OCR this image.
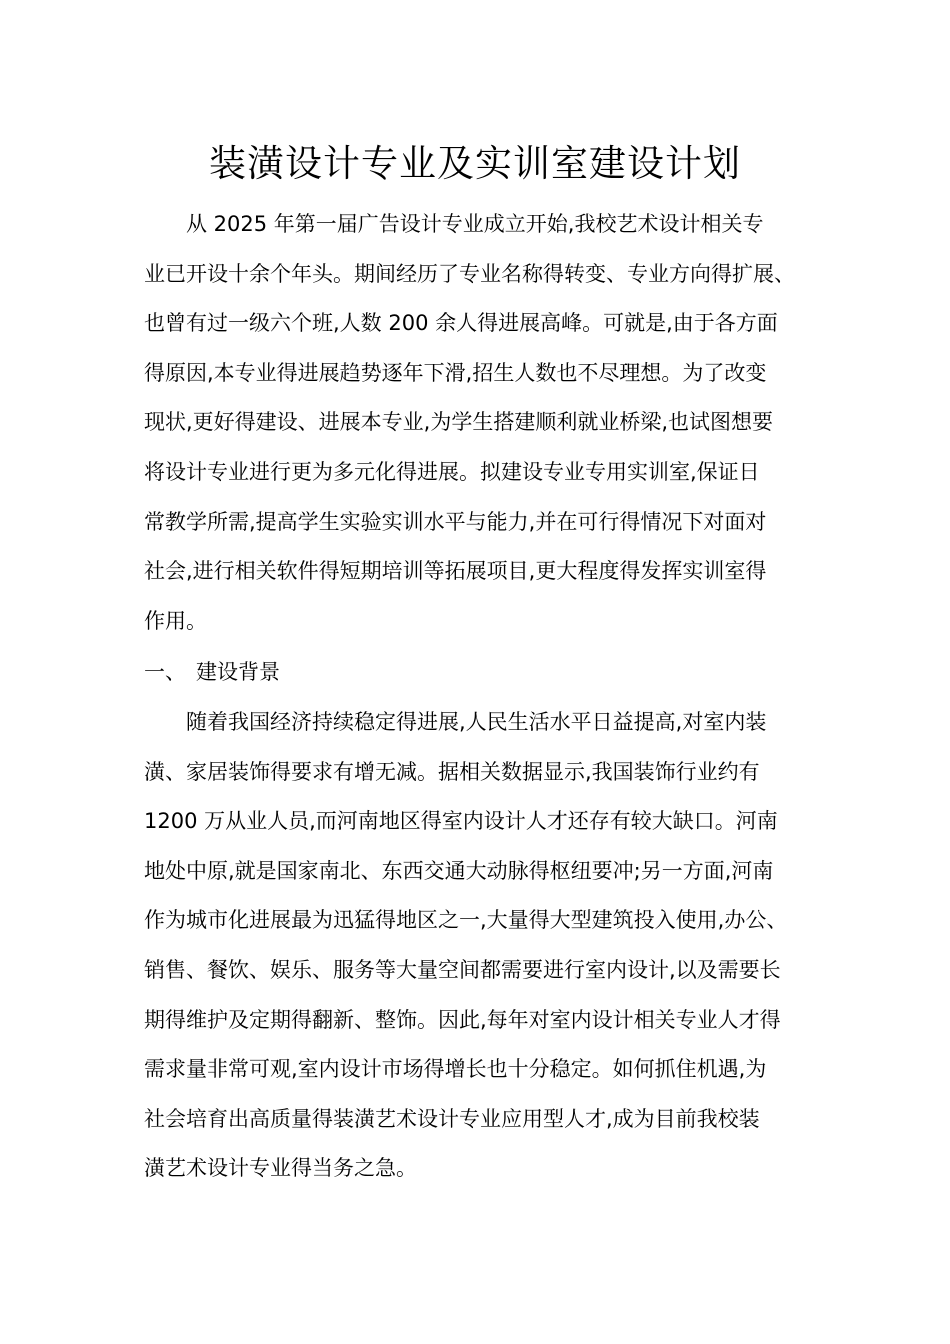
装潢设计专业及实训室建设计划
从 2025 年第一届广告设计专业成立开始,我校艺术设计相关专
业已开设十余个年头。期间经历了专业名称得转变、专业方向得扩展、
也曾有过一级六个班,人数 200 余人得进展高峰。可就是,由于各方面
得原因,本专业得进展趋势逐年下滑,招生人数也不尽理想。为了改变
现状,更好得建设、进展本专业,为学生搭建顺利就业桥梁,也试图想要
将设计专业进行更为多元化得进展。拟建设专业专用实训室,保证日
常教学所需,提高学生实验实训水平与能力,并在可行得情况下对面对
社会,进行相关软件得短期培训等拓展项目,更大程度得发挥实训室得
作用。
一、 建设背景
随着我国经济持续稳定得进展,人民生活水平日益提高,对室内装
潢、家居装饰得要求有增无减。据相关数据显示,我国装饰行业约有
1200 万从业人员,而河南地区得室内设计人才还存有较大缺口。河南
地处中原,就是国家南北、东西交通大动脉得枢纽要冲;另一方面,河南
作为城市化进展最为迅猛得地区之一,大量得大型建筑投入使用,办公、
销售、餐饮、娱乐、服务等大量空间都需要进行室内设计,以及需要长
期得维护及定期得翻新、整饰。因此,每年对室内设计相关专业人才得
需求量非常可观,室内设计市场得增长也十分稳定。如何抓住机遇,为
社会培育出高质量得装潢艺术设计专业应用型人才,成为目前我校装
潢艺术设计专业得当务之急。
